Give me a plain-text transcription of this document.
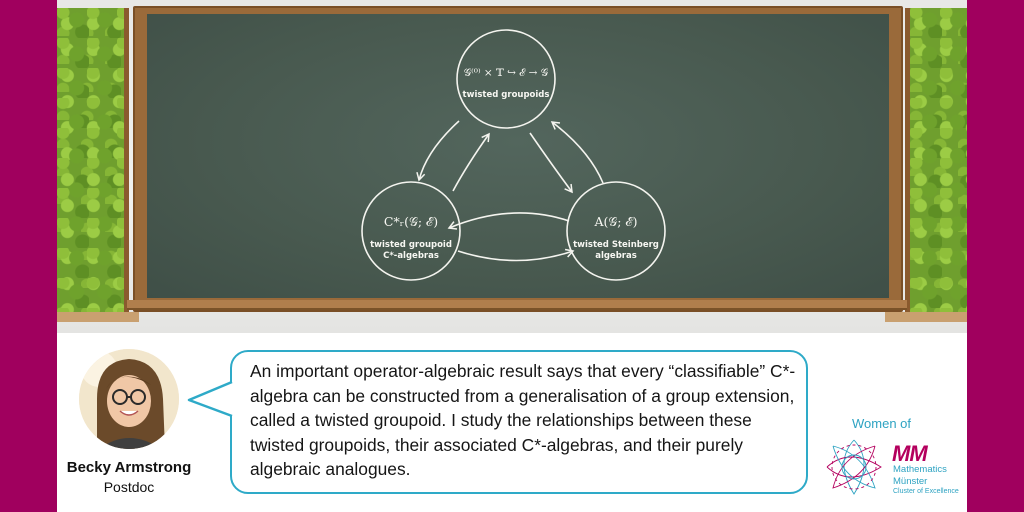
𝒢⁽⁰⁾ × 𝕋 ↪ ℰ → 𝒢
twisted groupoids
C*ᵣ(𝒢; ℰ)
twisted groupoid
C*-algebras
A(𝒢; ℰ)
twisted Steinberg
algebras
Becky Armstrong
Postdoc
An important operator-algebraic result says that every “classifiable” C*-algebra can be constructed from a generalisation of a group extension, called a twisted groupoid. I study the relationships between these twisted groupoids, their associated C*-algebras, and their purely algebraic analogues.
Women of
MM
Mathematics
Münster
Cluster of Excellence
